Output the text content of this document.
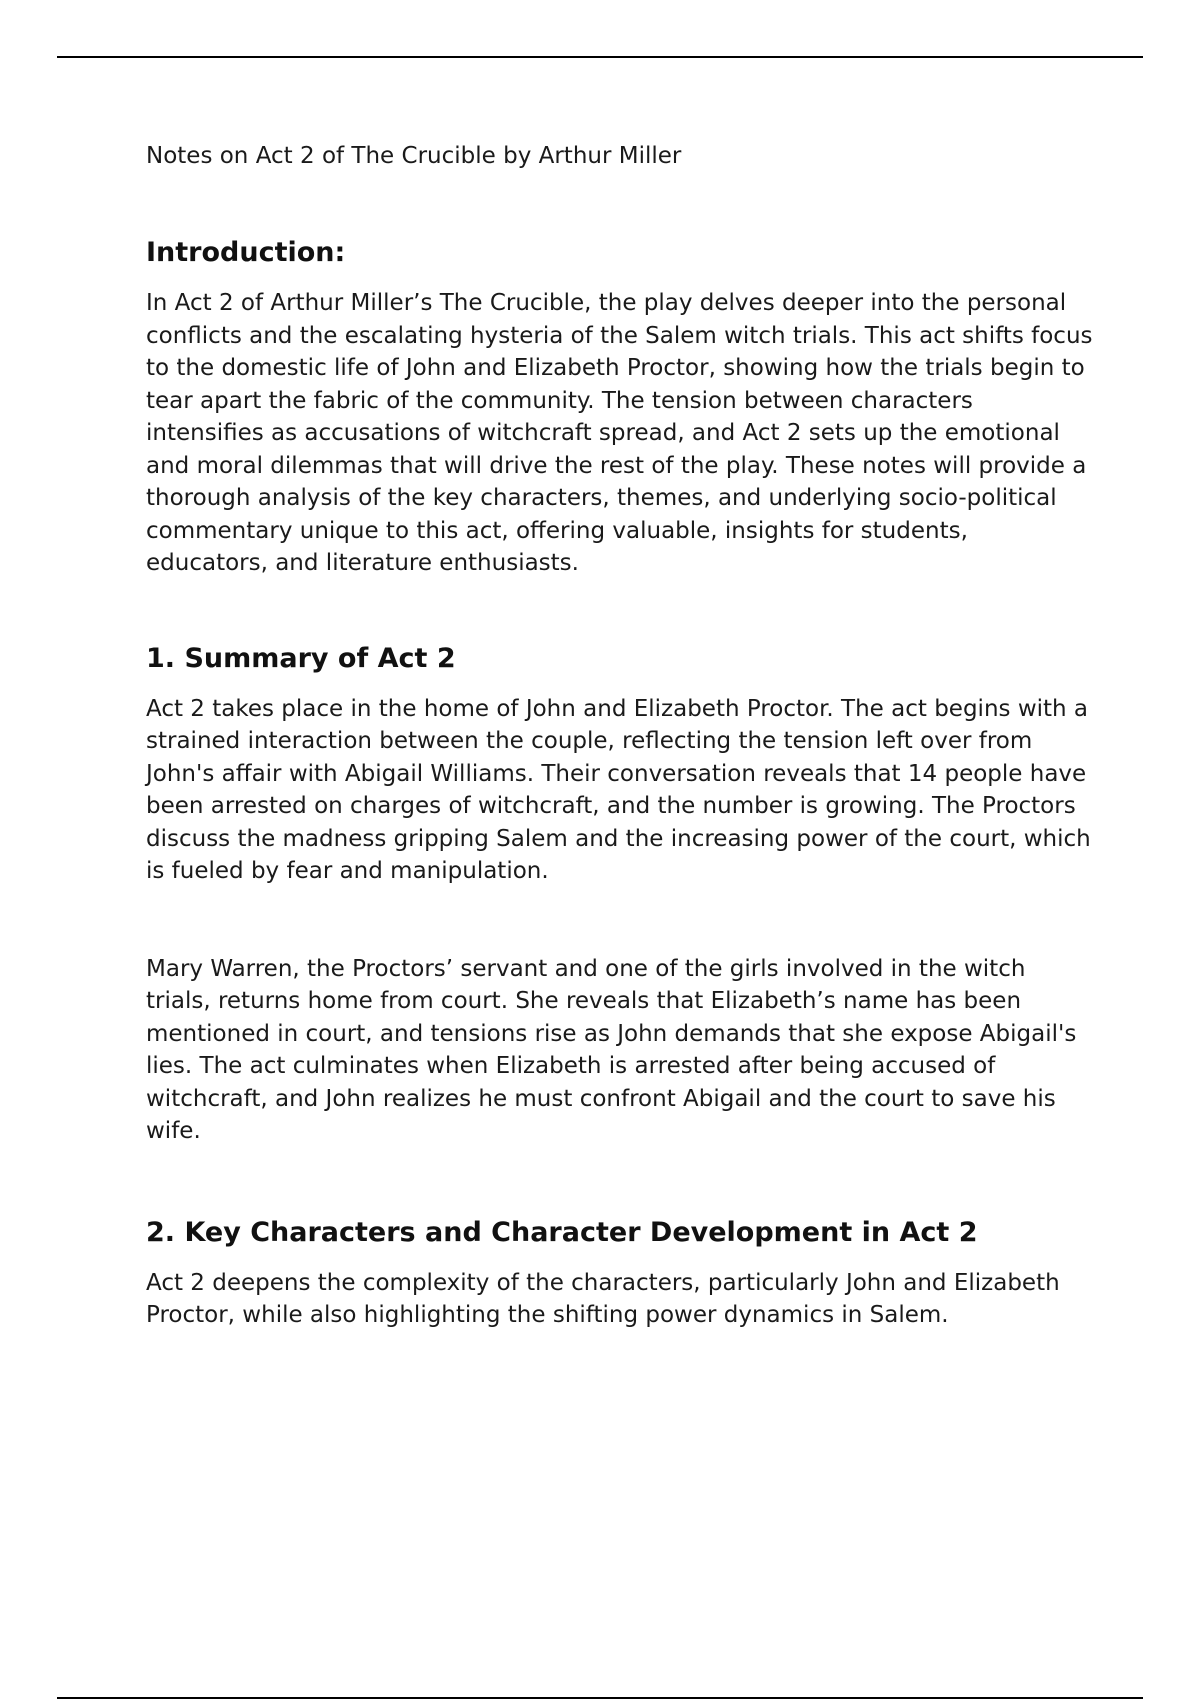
Notes on Act 2 of The Crucible by Arthur Miller

Introduction:

In Act 2 of Arthur Miller’s The Crucible, the play delves deeper into the personal conflicts and the escalating hysteria of the Salem witch trials. This act shifts focus to the domestic life of John and Elizabeth Proctor, showing how the trials begin to tear apart the fabric of the community. The tension between characters intensifies as accusations of witchcraft spread, and Act 2 sets up the emotional and moral dilemmas that will drive the rest of the play. These notes will provide a thorough analysis of the key characters, themes, and underlying socio-political commentary unique to this act, offering valuable, insights for students, educators, and literature enthusiasts.

1. Summary of Act 2

Act 2 takes place in the home of John and Elizabeth Proctor. The act begins with a strained interaction between the couple, reflecting the tension left over from John's affair with Abigail Williams. Their conversation reveals that 14 people have been arrested on charges of witchcraft, and the number is growing. The Proctors discuss the madness gripping Salem and the increasing power of the court, which is fueled by fear and manipulation.

Mary Warren, the Proctors’ servant and one of the girls involved in the witch trials, returns home from court. She reveals that Elizabeth’s name has been mentioned in court, and tensions rise as John demands that she expose Abigail's lies. The act culminates when Elizabeth is arrested after being accused of witchcraft, and John realizes he must confront Abigail and the court to save his wife.

2. Key Characters and Character Development in Act 2

Act 2 deepens the complexity of the characters, particularly John and Elizabeth Proctor, while also highlighting the shifting power dynamics in Salem.
